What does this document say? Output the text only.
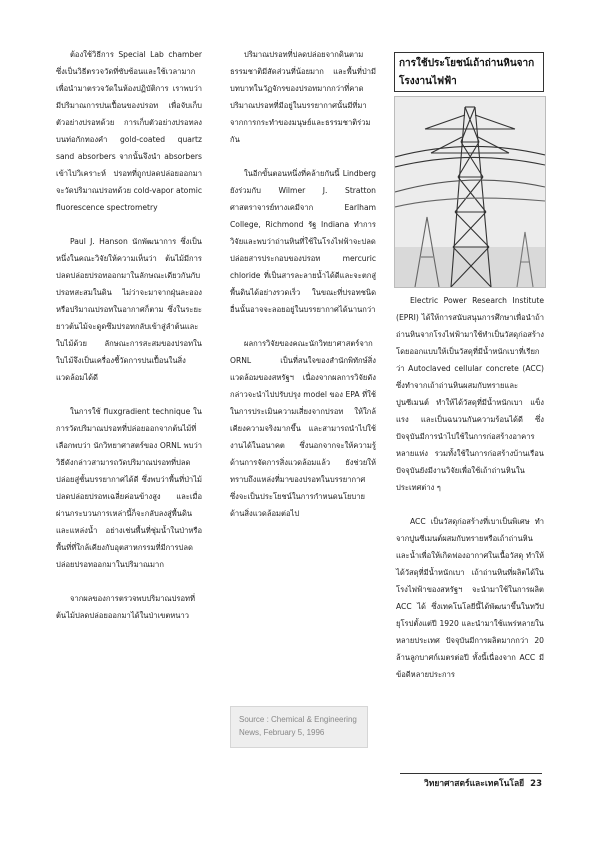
ต้องใช้วิธีการ Special Lab chamber ซึ่งเป็นวิธีตรวจวัดที่ซับซ้อนและใช้เวลามาก เพื่อนำมาตรวจวัดในห้องปฏิบัติการ เราพบว่ามีปริมาณการปนเปื้อนของปรอท เพื่อจับเก็บตัวอย่างปรอทด้วย การเก็บตัวอย่างปรอทลงบนท่อกักทองคำ gold-coated quartz sand absorbers จากนั้นจึงนำ absorbers เข้าไปวิเคราะห์ ปรอทที่ถูกปลดปล่อยออกมาจะวัดปริมาณปรอทด้วย cold-vapor atomic fluorescence spectrometry

Paul J. Hanson นักพัฒนาการ ซึ่งเป็นหนึ่งในคณะวิจัยให้ความเห็นว่า ต้นไม้มีการปลดปล่อยปรอทออกมาในลักษณะเดียวกันกับปรอทสะสมในดิน ไม่ว่าจะมาจากฝุ่นละอองหรือปริมาณปรอทในอากาศก็ตาม ซึ่งในระยะยาวต้นไม้จะดูดซึมปรอทกลับเข้าสู่ลำต้นและใบไม้ด้วย ลักษณะการสะสมของปรอทในใบไม้จึงเป็นเครื่องชี้วัดการปนเปื้อนในสิ่งแวดล้อมได้ดี

ในการใช้ fluxgradient technique ในการวัดปริมาณปรอทที่ปล่อยออกจากต้นไม้ที่เลือกพบว่า นักวิทยาศาสตร์ของ ORNL พบว่าวิธีดังกล่าวสามารถวัดปริมาณปรอทที่ปลดปล่อยสู่ชั้นบรรยากาศได้ดี ซึ่งพบว่าพื้นที่ป่าไม้ปลดปล่อยปรอทเฉลี่ยค่อนข้างสูง และเมื่อผ่านกระบวนการเหล่านี้ก็จะกลับลงสู่พื้นดินและแหล่งน้ำ อย่างเช่นพื้นที่ชุ่มน้ำในป่าหรือพื้นที่ที่ใกล้เคียงกับอุตสาหกรรมที่มีการปลดปล่อยปรอทออกมาในปริมาณมาก

จากผลของการตรวจพบปริมาณปรอทที่ต้นไม้ปลดปล่อยออกมาได้ในป่าเขตหนาว

ปริมาณปรอทที่ปลดปล่อยจากดินตามธรรมชาติมีสัดส่วนที่น้อยมาก และพื้นที่ป่ามีบทบาทในวัฏจักรของปรอทมากกว่าที่คาด ปริมาณปรอทที่มีอยู่ในบรรยากาศนั้นมีที่มาจากการกระทำของมนุษย์และธรรมชาติร่วมกัน

ในอีกขั้นตอนหนึ่งที่คล้ายกันนี้ Lindberg ยังร่วมกับ Wilmer J. Stratton ศาสตราจารย์ทางเคมีจาก Earlham College, Richmond รัฐ Indiana ทำการวิจัยและพบว่าถ่านหินที่ใช้ในโรงไฟฟ้าจะปลดปล่อยสารประกอบของปรอท mercuric chloride ที่เป็นสารละลายน้ำได้ดีและจะตกสู่พื้นดินได้อย่างรวดเร็ว ในขณะที่ปรอทชนิดอื่นนั้นอาจจะลอยอยู่ในบรรยากาศได้นานกว่า

ผลการวิจัยของคณะนักวิทยาศาสตร์จาก ORNL เป็นที่สนใจของสำนักพิทักษ์สิ่งแวดล้อมของสหรัฐฯ เนื่องจากผลการวิจัยดังกล่าวจะนำไปปรับปรุง model ของ EPA ที่ใช้ในการประเมินความเสี่ยงจากปรอท ให้ใกล้เคียงความจริงมากขึ้น และสามารถนำไปใช้งานได้ในอนาคต ซึ่งนอกจากจะให้ความรู้ด้านการจัดการสิ่งแวดล้อมแล้ว ยังช่วยให้ทราบถึงแหล่งที่มาของปรอทในบรรยากาศ ซึ่งจะเป็นประโยชน์ในการกำหนดนโยบายด้านสิ่งแวดล้อมต่อไป

การใช้ประโยชน์เถ้าถ่านหินจากโรงงานไฟฟ้า

Electric Power Research Institute (EPRI) ได้ให้การสนับสนุนการศึกษาเพื่อนำถ้าถ่านหินจากโรงไฟฟ้ามาใช้ทำเป็นวัสดุก่อสร้าง โดยออกแบบให้เป็นวัสดุที่มีน้ำหนักเบาที่เรียกว่า Autoclaved cellular concrete (ACC) ซึ่งทำจากเถ้าถ่านหินผสมกับทรายและปูนซีเมนต์ ทำให้ได้วัสดุที่มีน้ำหนักเบา แข็งแรง และเป็นฉนวนกันความร้อนได้ดี ซึ่งปัจจุบันมีการนำไปใช้ในการก่อสร้างอาคารหลายแห่ง รวมทั้งใช้ในการก่อสร้างบ้านเรือน ปัจจุบันยังมีงานวิจัยเพื่อใช้เถ้าถ่านหินในประเทศต่าง ๆ

ACC เป็นวัสดุก่อสร้างที่เบาเป็นพิเศษ ทำจากปูนซีเมนต์ผสมกับทรายหรือเถ้าถ่านหิน และน้ำเพื่อให้เกิดฟองอากาศในเนื้อวัสดุ ทำให้ได้วัสดุที่มีน้ำหนักเบา เถ้าถ่านหินที่ผลิตได้ในโรงไฟฟ้าของสหรัฐฯ จะนำมาใช้ในการผลิต ACC ได้ ซึ่งเทคโนโลยีนี้ได้พัฒนาขึ้นในทวีปยุโรปตั้งแต่ปี 1920 และนำมาใช้แพร่หลายในหลายประเทศ ปัจจุบันมีการผลิตมากกว่า 20 ล้านลูกบาศก์เมตรต่อปี ทั้งนี้เนื่องจาก ACC มีข้อดีหลายประการ

Source : Chemical & Engineering News, February 5, 1996
วิทยาศาสตร์และเทคโนโลยี 23
